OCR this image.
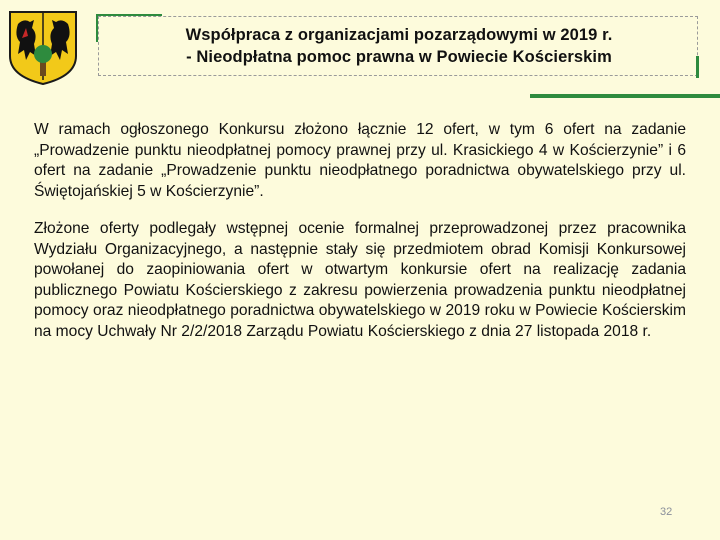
Współpraca z organizacjami pozarządowymi w 2019 r.
- Nieodpłatna pomoc prawna w Powiecie Kościerskim
W ramach ogłoszonego Konkursu złożono łącznie 12 ofert, w tym 6 ofert na zadanie „Prowadzenie punktu nieodpłatnej pomocy prawnej przy ul. Krasickiego 4 w Kościerzynie” i 6 ofert na zadanie „Prowadzenie punktu nieodpłatnego poradnictwa obywatelskiego przy ul. Świętojańskiej 5 w Kościerzynie”.
Złożone oferty podlegały wstępnej ocenie formalnej przeprowadzonej przez pracownika Wydziału Organizacyjnego, a następnie stały się przedmiotem obrad Komisji Konkursowej powołanej do zaopiniowania ofert w otwartym konkursie ofert na realizację zadania publicznego Powiatu Kościerskiego z zakresu powierzenia prowadzenia punktu nieodpłatnej pomocy oraz nieodpłatnego poradnictwa obywatelskiego w 2019 roku w Powiecie Kościerskim na mocy Uchwały Nr 2/2/2018 Zarządu Powiatu Kościerskiego z dnia 27 listopada 2018 r.
32
